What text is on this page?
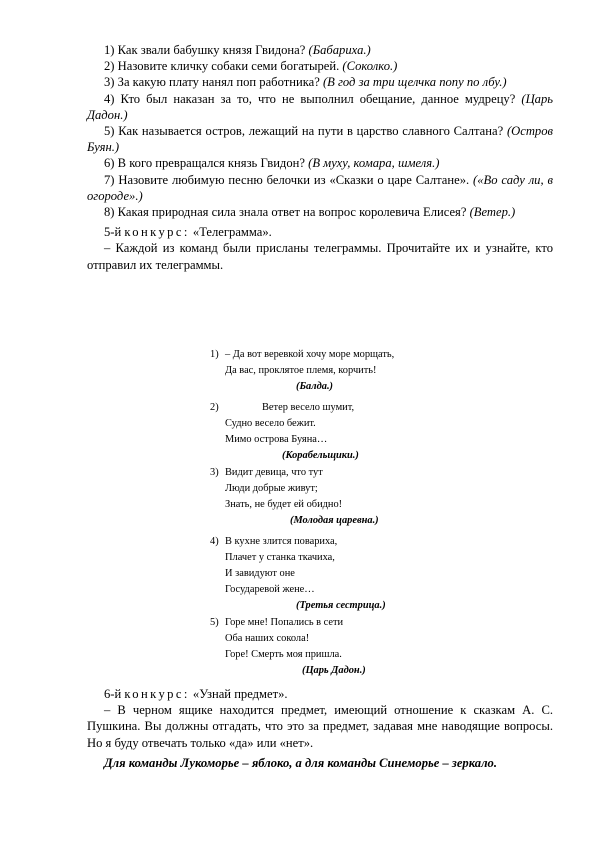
1) Как звали бабушку князя Гвидона? (Бабариха.)

2) Назовите кличку собаки семи богатырей. (Соколко.)

3) За какую плату нанял поп работника? (В год за три щелчка попу по лбу.)

4) Кто был наказан за то, что не выполнил обещание, данное мудрецу? (Царь Дадон.)

5) Как называется остров, лежащий на пути в царство славного Салтана? (Остров Буян.)

6) В кого превращался князь Гвидон? (В муху, комара, шмеля.)

7) Назовите любимую песню белочки из «Сказки о царе Салтане». («Во саду ли, в огороде».)

8) Какая природная сила знала ответ на вопрос королевича Елисея? (Ветер.)

5-й конкурс: «Телеграмма».

– Каждой из команд были присланы телеграммы. Прочитайте их и узнайте, кто отправил их телеграммы.

1) – Да вот веревкой хочу море морщать,
Да вас, проклятое племя, корчить!
(Балда.)
2)	Ветер весело шумит,
Судно весело бежит.
Мимо острова Буяна…
(Корабельщики.)
3) Видит девица, что тут
Люди добрые живут;
Знать, не будет ей обидно!
(Молодая царевна.)
4) В кухне злится повариха,
Плачет у станка ткачиха,
И завидуют оне
Государевой жене…
(Третья сестрица.)
5) Горе мне! Попались в сети
Оба наших сокола!
Горе! Смерть моя пришла.
(Царь Дадон.)

6-й конкурс: «Узнай предмет».

– В черном ящике находится предмет, имеющий отношение к сказкам А. С. Пушкина. Вы должны отгадать, что это за предмет, задавая мне наводящие вопросы. Но я буду отвечать только «да» или «нет».

Для команды Лукоморье – яблоко, а для команды Синеморье – зеркало.
